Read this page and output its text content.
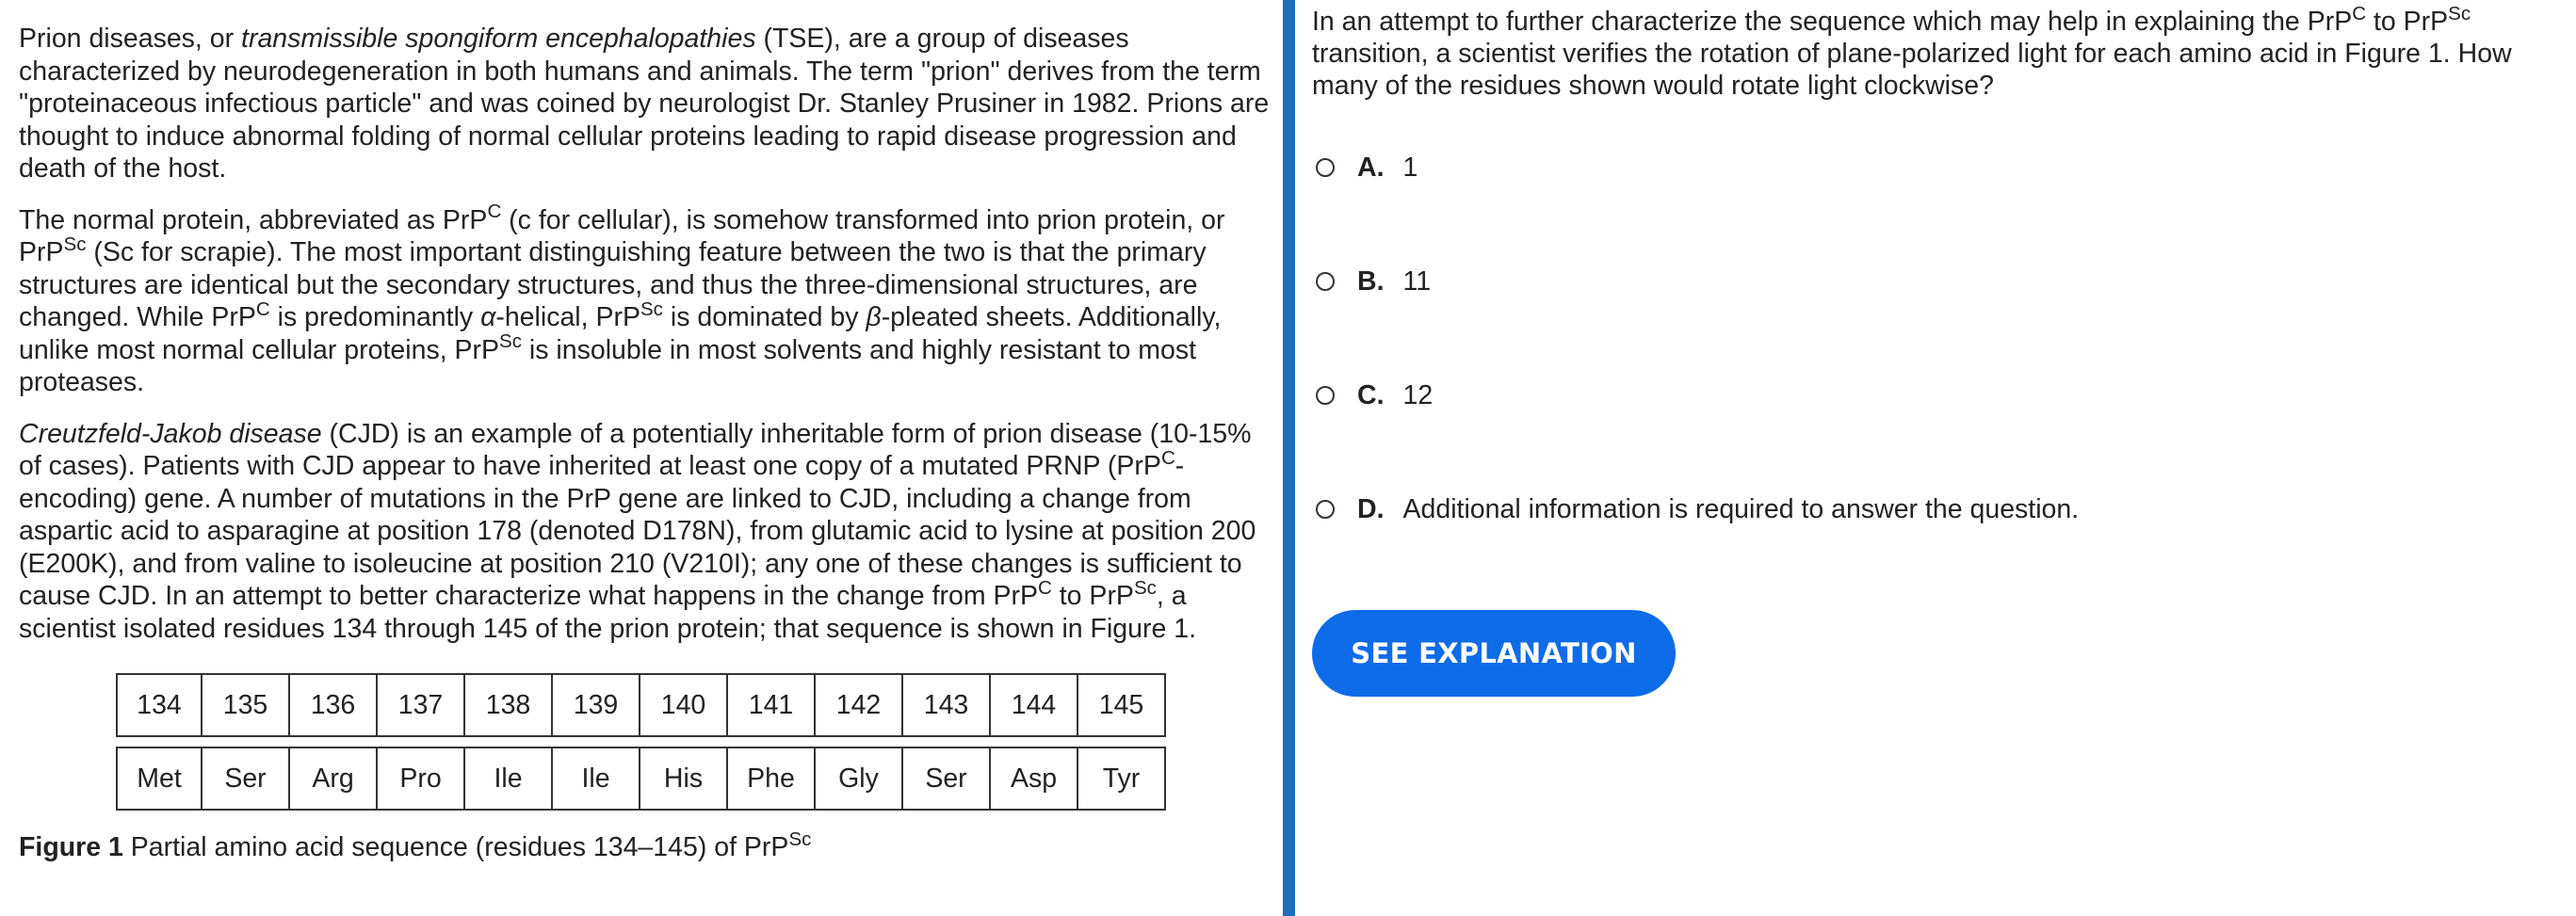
Prion diseases, or transmissible spongiform encephalopathies (TSE), are a group of diseases characterized by neurodegeneration in both humans and animals. The term "prion" derives from the term "proteinaceous infectious particle" and was coined by neurologist Dr. Stanley Prusiner in 1982. Prions are thought to induce abnormal folding of normal cellular proteins leading to rapid disease progression and death of the host.

The normal protein, abbreviated as PrP$^C$ (c for cellular), is somehow transformed into prion protein, or PrP$^{Sc}$ (Sc for scrapie). The most important distinguishing feature between the two is that the primary structures are identical but the secondary structures, and thus the three-dimensional structures, are changed. While PrP$^C$ is predominantly α-helical, PrP$^{Sc}$ is dominated by β-pleated sheets. Additionally, unlike most normal cellular proteins, PrP$^{Sc}$ is insoluble in most solvents and highly resistant to most proteases.

Creutzfeld-Jakob disease (CJD) is an example of a potentially inheritable form of prion disease (10-15% of cases). Patients with CJD appear to have inherited at least one copy of a mutated PRNP (PrP$^C$-encoding) gene. A number of mutations in the PrP gene are linked to CJD, including a change from aspartic acid to asparagine at position 178 (denoted D178N), from glutamic acid to lysine at position 200 (E200K), and from valine to isoleucine at position 210 (V210I); any one of these changes is sufficient to cause CJD. In an attempt to better characterize what happens in the change from PrP$^C$ to PrP$^{Sc}$, a scientist isolated residues 134 through 145 of the prion protein; that sequence is shown in Figure 1.

134	135	136	137	138	139	140	141	142	143	144	145
Met	Ser	Arg	Pro	Ile	Ile	His	Phe	Gly	Ser	Asp	Tyr
Figure 1 Partial amino acid sequence (residues 134–145) of PrP$^{Sc}$

In an attempt to further characterize the sequence which may help in explaining the PrP$^C$ to PrP$^{Sc}$ transition, a scientist verifies the rotation of plane-polarized light for each amino acid in Figure 1. How many of the residues shown would rotate light clockwise?

A. 1
B. 11
C. 12
D. Additional information is required to answer the question.
SEE EXPLANATION
